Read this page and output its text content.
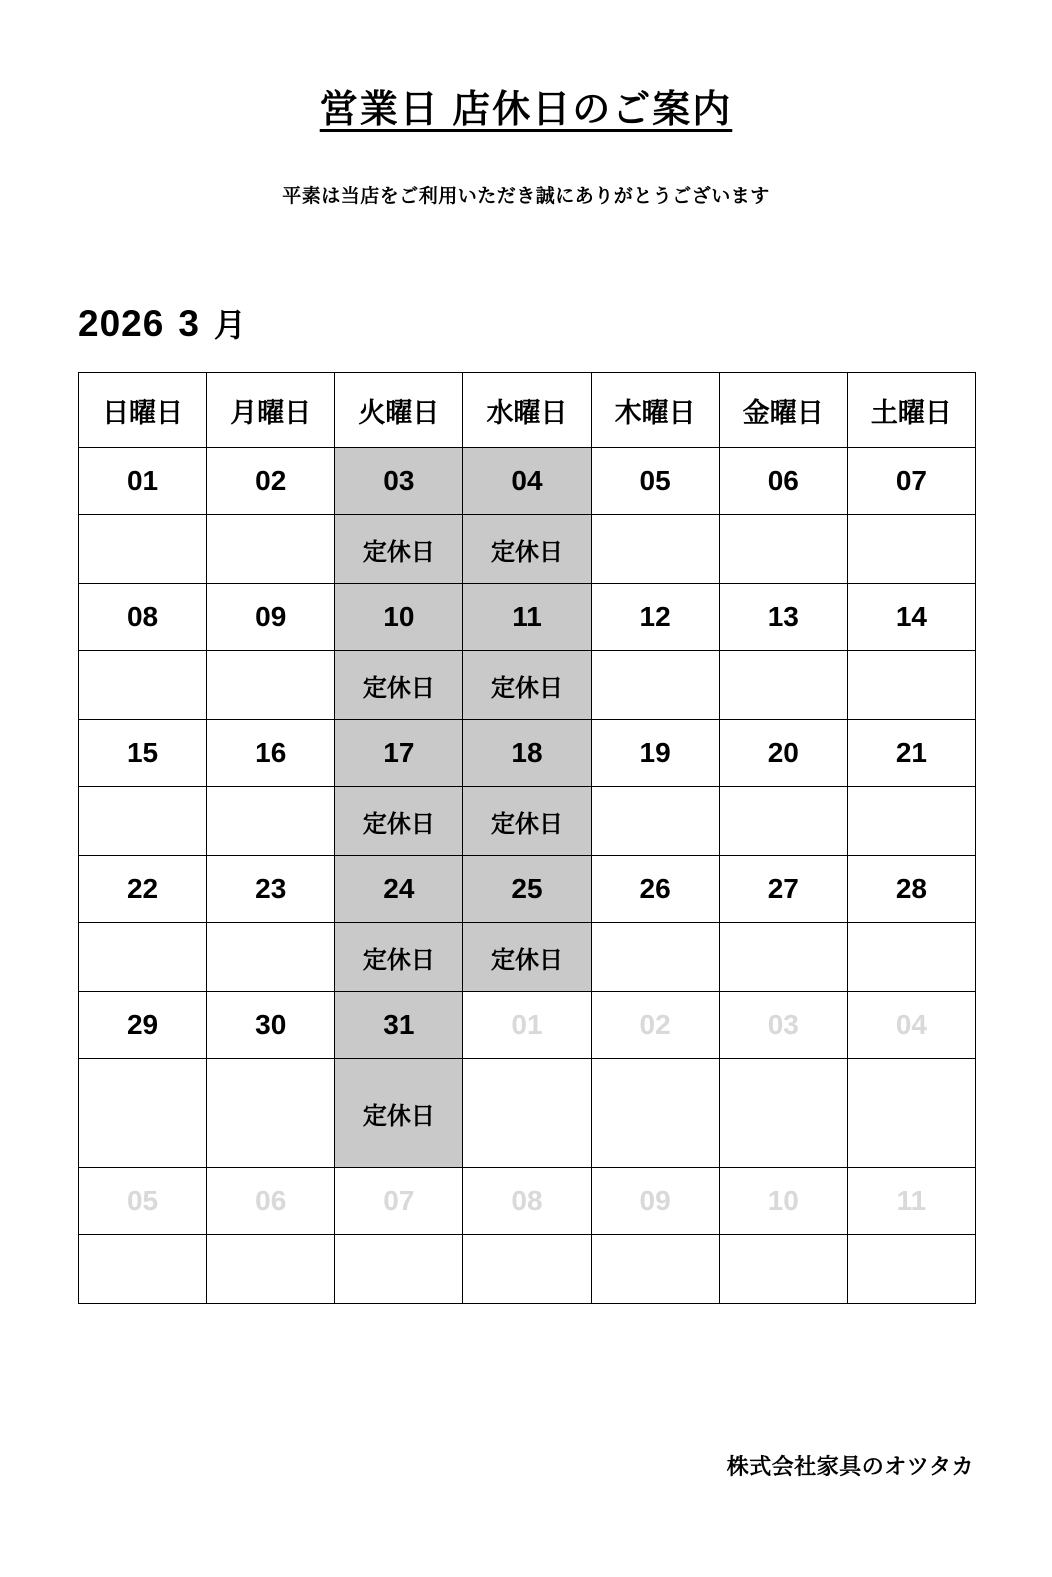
営業日 店休日のご案内
平素は当店をご利用いただき誠にありがとうございます
2026 3 月
日曜日	月曜日	火曜日	水曜日	木曜日	金曜日	土曜日
01	02	03	04	05	06	07
		定休日	定休日			
08	09	10	11	12	13	14
		定休日	定休日			
15	16	17	18	19	20	21
		定休日	定休日			
22	23	24	25	26	27	28
		定休日	定休日			
29	30	31	01	02	03	04
		定休日				
05	06	07	08	09	10	11

株式会社家具のオツタカ
